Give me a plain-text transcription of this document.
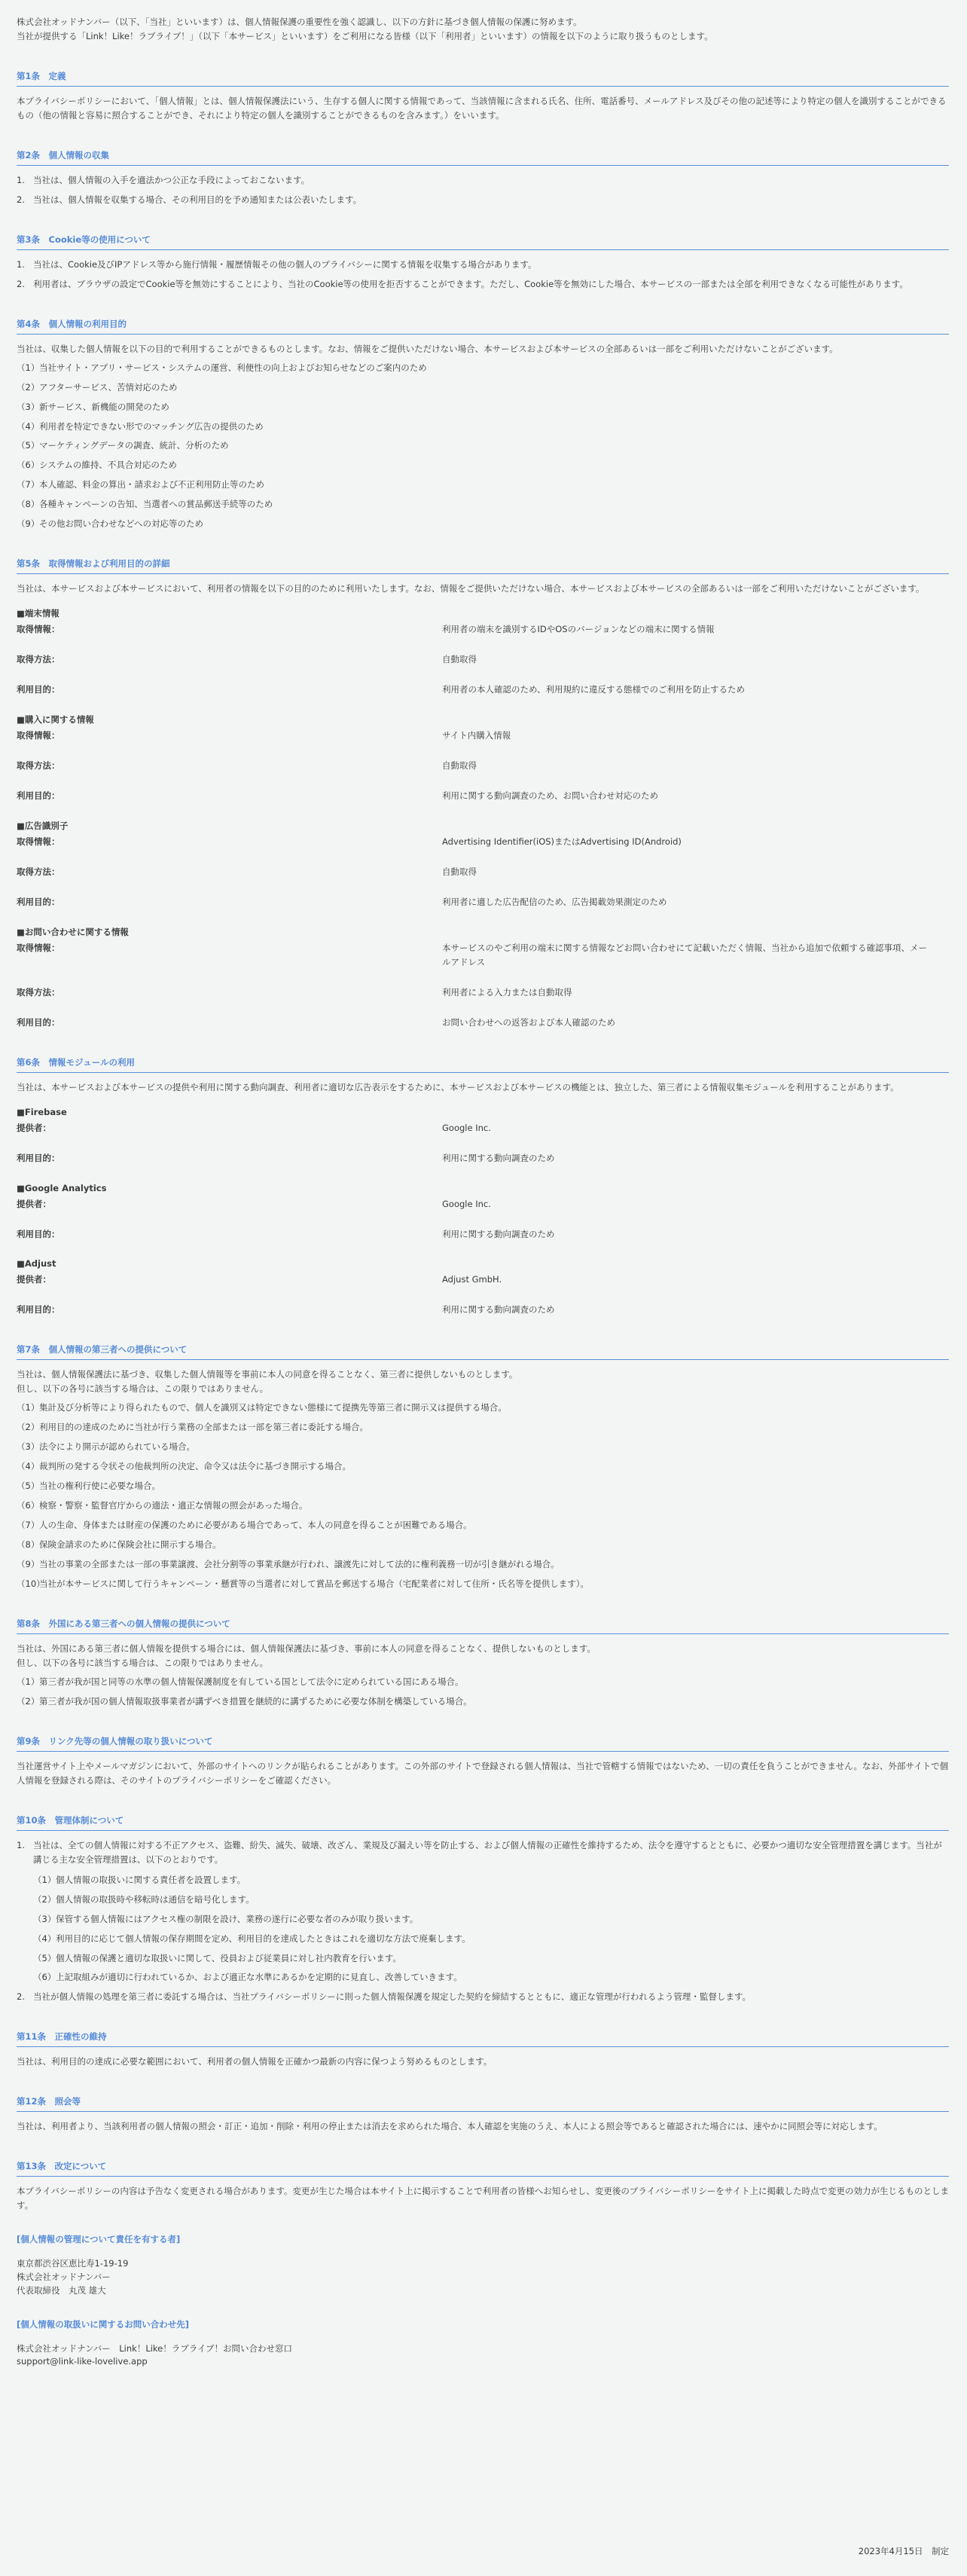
株式会社オッドナンバー（以下、「当社」といいます）は、個人情報保護の重要性を強く認識し、以下の方針に基づき個人情報の保護に努めます。

当社が提供する「Link！Like！ラブライブ！」（以下「本サービス」といいます）をご利用になる皆様（以下「利用者」といいます）の情報を以下のように取り扱うものとします。

第1条　定義

本プライバシーポリシーにおいて、「個人情報」とは、個人情報保護法にいう、生存する個人に関する情報であって、当該情報に含まれる氏名、住所、電話番号、メールアドレス及びその他の記述等により特定の個人を識別することができるもの（他の情報と容易に照合することができ、それにより特定の個人を識別することができるものを含みます。）をいいます。

第2条　個人情報の収集
1. 当社は、個人情報の入手を適法かつ公正な手段によっておこないます。
2. 当社は、個人情報を収集する場合、その利用目的を予め通知または公表いたします。
第3条　Cookie等の使用について
1. 当社は、Cookie及びIPアドレス等から施行情報・履歴情報その他の個人のプライバシーに関する情報を収集する場合があります。
2. 利用者は、ブラウザの設定でCookie等を無効にすることにより、当社のCookie等の使用を拒否することができます。ただし、Cookie等を無効にした場合、本サービスの一部または全部を利用できなくなる可能性があります。
第4条　個人情報の利用目的

当社は、収集した個人情報を以下の目的で利用することができるものとします。なお、情報をご提供いただけない場合、本サービスおよび本サービスの全部あるいは一部をご利用いただけないことがございます。

（1） 当社サイト・アプリ・サービス・システムの運営、利便性の向上およびお知らせなどのご案内のため
（2） アフターサービス、苦情対応のため
（3） 新サービス、新機能の開発のため
（4） 利用者を特定できない形でのマッチング広告の提供のため
（5） マーケティングデータの調査、統計、分析のため
（6） システムの維持、不具合対応のため
（7） 本人確認、料金の算出・請求および不正利用防止等のため
（8） 各種キャンペーンの告知、当選者への賞品郵送手続等のため
（9） その他お問い合わせなどへの対応等のため
第5条　取得情報および利用目的の詳細

当社は、本サービスおよび本サービスにおいて、利用者の情報を以下の目的のために利用いたします。なお、情報をご提供いただけない場合、本サービスおよび本サービスの全部あるいは一部をご利用いただけないことがございます。

■端末情報
取得情報：	利用者の端末を識別するIDやOSのバージョンなどの端末に関する情報
取得方法：	自動取得
利用目的：	利用者の本人確認のため、利用規約に違反する態様でのご利用を防止するため
■購入に関する情報
取得情報：	サイト内購入情報
取得方法：	自動取得
利用目的：	利用に関する動向調査のため、お問い合わせ対応のため
■広告識別子
取得情報：	Advertising Identifier(iOS)またはAdvertising ID(Android)
取得方法：	自動取得
利用目的：	利用者に適した広告配信のため、広告掲載効果測定のため
■お問い合わせに関する情報
取得情報：	本サービスのやご利用の端末に関する情報などお問い合わせにて記載いただく情報、当社から追加で依頼する確認事項、メールアドレス
取得方法：	利用者による入力または自動取得
利用目的：	お問い合わせへの返答および本人確認のため
第6条　情報モジュールの利用

当社は、本サービスおよび本サービスの提供や利用に関する動向調査、利用者に適切な広告表示をするために、本サービスおよび本サービスの機能とは、独立した、第三者による情報収集モジュールを利用することがあります。

■Firebase
提供者：	Google Inc.
利用目的：	利用に関する動向調査のため
■Google Analytics
提供者：	Google Inc.
利用目的：	利用に関する動向調査のため
■Adjust
提供者：	Adjust GmbH.
利用目的：	利用に関する動向調査のため
第7条　個人情報の第三者への提供について

当社は、個人情報保護法に基づき、収集した個人情報等を事前に本人の同意を得ることなく、第三者に提供しないものとします。

但し、以下の各号に該当する場合は、この限りではありません。

（1） 集計及び分析等により得られたもので、個人を識別又は特定できない態様にて提携先等第三者に開示又は提供する場合。
（2） 利用目的の達成のために当社が行う業務の全部または一部を第三者に委託する場合。
（3） 法令により開示が認められている場合。
（4） 裁判所の発する令状その他裁判所の決定、命令又は法令に基づき開示する場合。
（5） 当社の権利行使に必要な場合。
（6） 検察・警察・監督官庁からの適法・適正な情報の照会があった場合。
（7） 人の生命、身体または財産の保護のために必要がある場合であって、本人の同意を得ることが困難である場合。
（8） 保険金請求のために保険会社に開示する場合。
（9） 当社の事業の全部または一部の事業譲渡、会社分割等の事業承継が行われ、譲渡先に対して法的に権利義務一切が引き継がれる場合。
（10）
当社が本サービスに関して行うキャンペーン・懸賞等の当選者に対して賞品を郵送する場合（宅配業者に対して住所・氏名等を提供します）。
第8条　外国にある第三者への個人情報の提供について

当社は、外国にある第三者に個人情報を提供する場合には、個人情報保護法に基づき、事前に本人の同意を得ることなく、提供しないものとします。

但し、以下の各号に該当する場合は、この限りではありません。

（1） 第三者が我が国と同等の水準の個人情報保護制度を有している国として法令に定められている国にある場合。
（2） 第三者が我が国の個人情報取扱事業者が講ずべき措置を継続的に講ずるために必要な体制を構築している場合。
第9条　リンク先等の個人情報の取り扱いについて

当社運営サイト上やメールマガジンにおいて、外部のサイトへのリンクが貼られることがあります。この外部のサイトで登録される個人情報は、当社で管轄する情報ではないため、一切の責任を負うことができません。なお、外部サイトで個人情報を登録される際は、そのサイトのプライバシーポリシーをご確認ください。

第10条　管理体制について
1. 当社は、全ての個人情報に対する不正アクセス、盗難、紛失、滅失、破壊、改ざん、業規及び漏えい等を防止する、および個人情報の正確性を維持するため、法令を遵守するとともに、必要かつ適切な安全管理措置を講じます。当社が講じる主な安全管理措置は、以下のとおりです。
（1） 個人情報の取扱いに関する責任者を設置します。
（2） 個人情報の取扱時や移転時は通信を暗号化します。
（3） 保管する個人情報にはアクセス権の制限を設け、業務の遂行に必要な者のみが取り扱います。
（4） 利用目的に応じて個人情報の保存期間を定め、利用目的を達成したときはこれを適切な方法で廃棄します。
（5） 個人情報の保護と適切な取扱いに関して、役員および従業員に対し社内教育を行います。
（6） 上記取組みが適切に行われているか、および適正な水準にあるかを定期的に見直し、改善していきます。
2. 当社が個人情報の処理を第三者に委託する場合は、当社プライバシーポリシーに則った個人情報保護を規定した契約を締結するとともに、適正な管理が行われるよう管理・監督します。
第11条　正確性の維持

当社は、利用目的の達成に必要な範囲において、利用者の個人情報を正確かつ最新の内容に保つよう努めるものとします。

第12条　照会等

当社は、利用者より、当該利用者の個人情報の照会・訂正・追加・削除・利用の停止または消去を求められた場合、本人確認を実施のうえ、本人による照会等であると確認された場合には、速やかに同照会等に対応します。

第13条　改定について

本プライバシーポリシーの内容は予告なく変更される場合があります。変更が生じた場合は本サイト上に掲示することで利用者の皆様へお知らせし、変更後のプライバシーポリシーをサイト上に掲載した時点で変更の効力が生じるものとします。

[個人情報の管理について責任を有する者]
東京都渋谷区恵比寿1-19-19
株式会社オッドナンバー
代表取締役　丸茂 雄大
[個人情報の取扱いに関するお問い合わせ先]
株式会社オッドナンバー　Link！Like！ラブライブ！お問い合わせ窓口
support@link-like-lovelive.app
2023年4月15日　制定
